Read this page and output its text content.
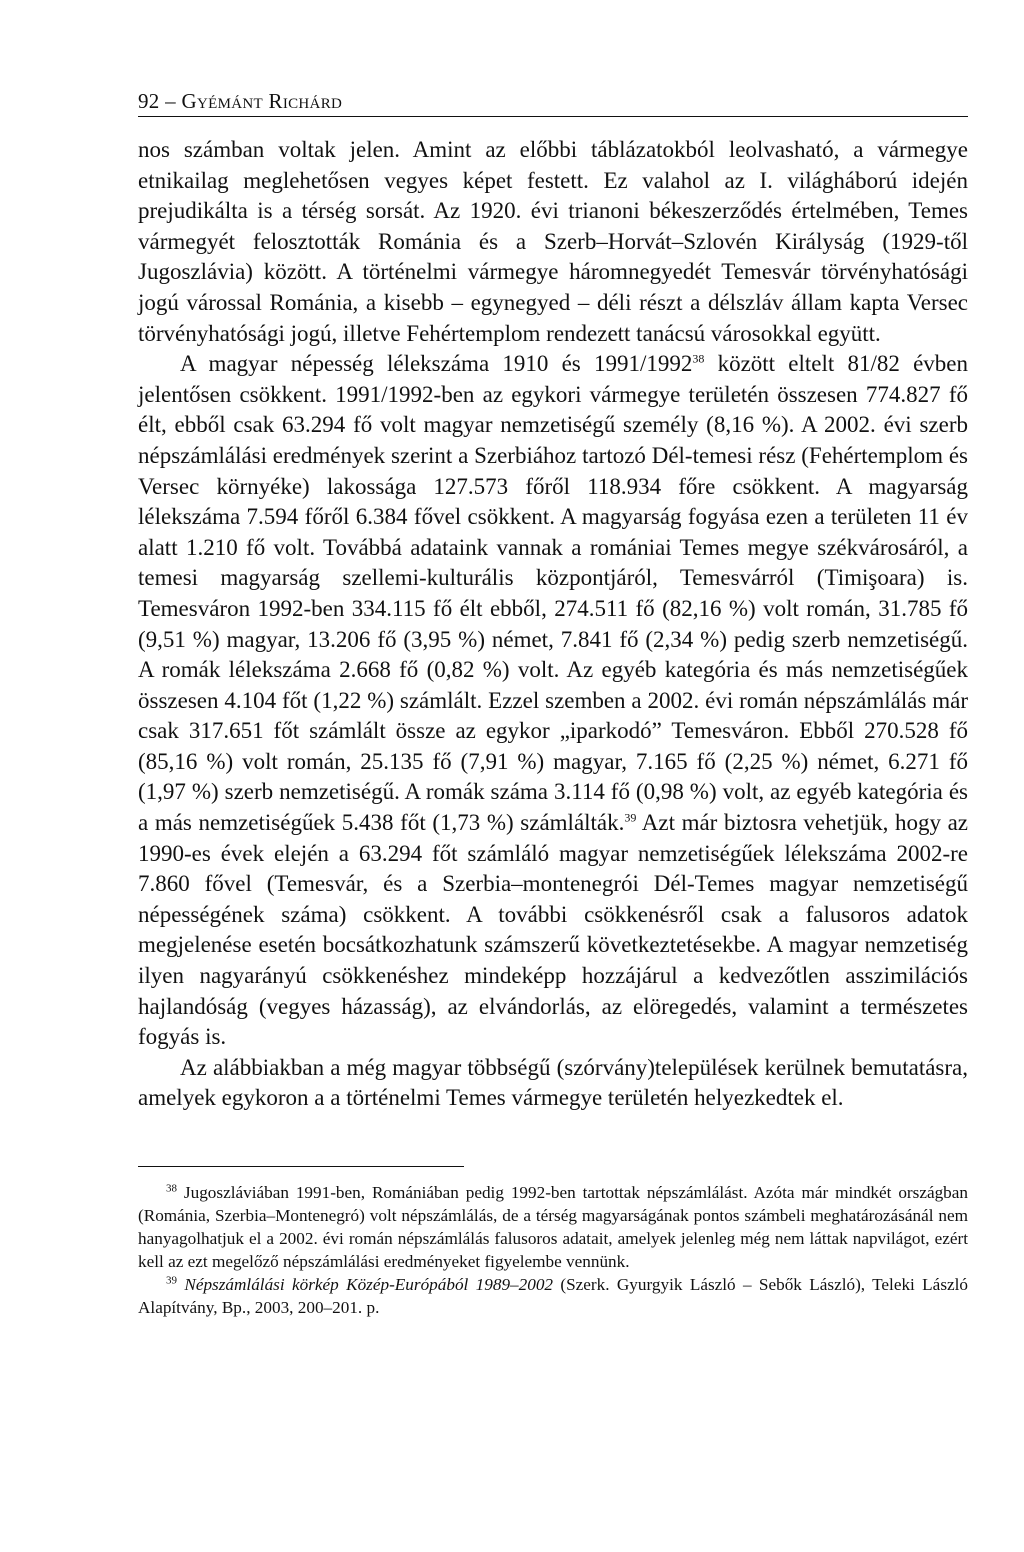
92 – Gyémánt Richárd

nos számban voltak jelen. Amint az előbbi táblázatokból leolvasható, a vármegye etnikailag meglehetősen vegyes képet festett. Ez valahol az I. világháború idején prejudikálta is a térség sorsát. Az 1920. évi trianoni békeszerződés értelmében, Temes vármegyét felosztották Románia és a Szerb–Horvát–Szlovén Királyság (1929-től Jugoszlávia) között. A történelmi vármegye háromnegyedét Temesvár törvényhatósági jogú várossal Románia, a kisebb – egynegyed – déli részt a délszláv állam kapta Versec törvényhatósági jogú, illetve Fehértemplom rendezett tanácsú városokkal együtt.

A magyar népesség lélekszáma 1910 és 1991/1992$^{38}$ között eltelt 81/82 évben jelentősen csökkent. 1991/1992-ben az egykori vármegye területén összesen 774.827 fő élt, ebből csak 63.294 fő volt magyar nemzetiségű személy (8,16 %). A 2002. évi szerb népszámlálási eredmények szerint a Szerbiához tartozó Dél-temesi rész (Fehértemplom és Versec környéke) lakossága 127.573 főről 118.934 főre csökkent. A magyarság lélekszáma 7.594 főről 6.384 fővel csökkent. A magyarság fogyása ezen a területen 11 év alatt 1.210 fő volt. Továbbá adataink vannak a romániai Temes megye székvárosáról, a temesi magyarság szellemi-kulturális központjáról, Temesvárról (Timişoara) is. Temesváron 1992-ben 334.115 fő élt ebből, 274.511 fő (82,16 %) volt román, 31.785 fő (9,51 %) magyar, 13.206 fő (3,95 %) német, 7.841 fő (2,34 %) pedig szerb nemzetiségű. A romák lélekszáma 2.668 fő (0,82 %) volt. Az egyéb kategória és más nemzetiségűek összesen 4.104 főt (1,22 %) számlált. Ezzel szemben a 2002. évi román népszámlálás már csak 317.651 főt számlált össze az egykor „iparkodó” Temesváron. Ebből 270.528 fő (85,16 %) volt román, 25.135 fő (7,91 %) magyar, 7.165 fő (2,25 %) német, 6.271 fő (1,97 %) szerb nemzetiségű. A romák száma 3.114 fő (0,98 %) volt, az egyéb kategória és a más nemzetiségűek 5.438 főt (1,73 %) számlálták.$^{39}$ Azt már biztosra vehetjük, hogy az 1990-es évek elején a 63.294 főt számláló magyar nemzetiségűek lélekszáma 2002-re 7.860 fővel (Temesvár, és a Szerbia–montenegrói Dél-Temes magyar nemzetiségű népességének száma) csökkent. A további csökkenésről csak a falusoros adatok megjelenése esetén bocsátkozhatunk számszerű következtetésekbe. A magyar nemzetiség ilyen nagyarányú csökkenéshez mindeképp hozzájárul a kedvezőtlen asszimilációs hajlandóság (vegyes házasság), az elvándorlás, az elöregedés, valamint a természetes fogyás is.

Az alábbiakban a még magyar többségű (szórvány)települések kerülnek bemutatásra, amelyek egykoron a a történelmi Temes vármegye területén helyezkedtek el.

$^{38}$ Jugoszláviában 1991-ben, Romániában pedig 1992-ben tartottak népszámlálást. Azóta már mindkét országban (Románia, Szerbia–Montenegró) volt népszámlálás, de a térség magyarságának pontos számbeli meghatározásánál nem hanyagolhatjuk el a 2002. évi román népszámlálás falusoros adatait, amelyek jelenleg még nem láttak napvilágot, ezért kell az ezt megelőző népszámlálási eredményeket figyelembe vennünk.

$^{39}$ Népszámlálási körkép Közép-Európából 1989–2002 (Szerk. Gyurgyik László – Sebők László), Teleki László Alapítvány, Bp., 2003, 200–201. p.
